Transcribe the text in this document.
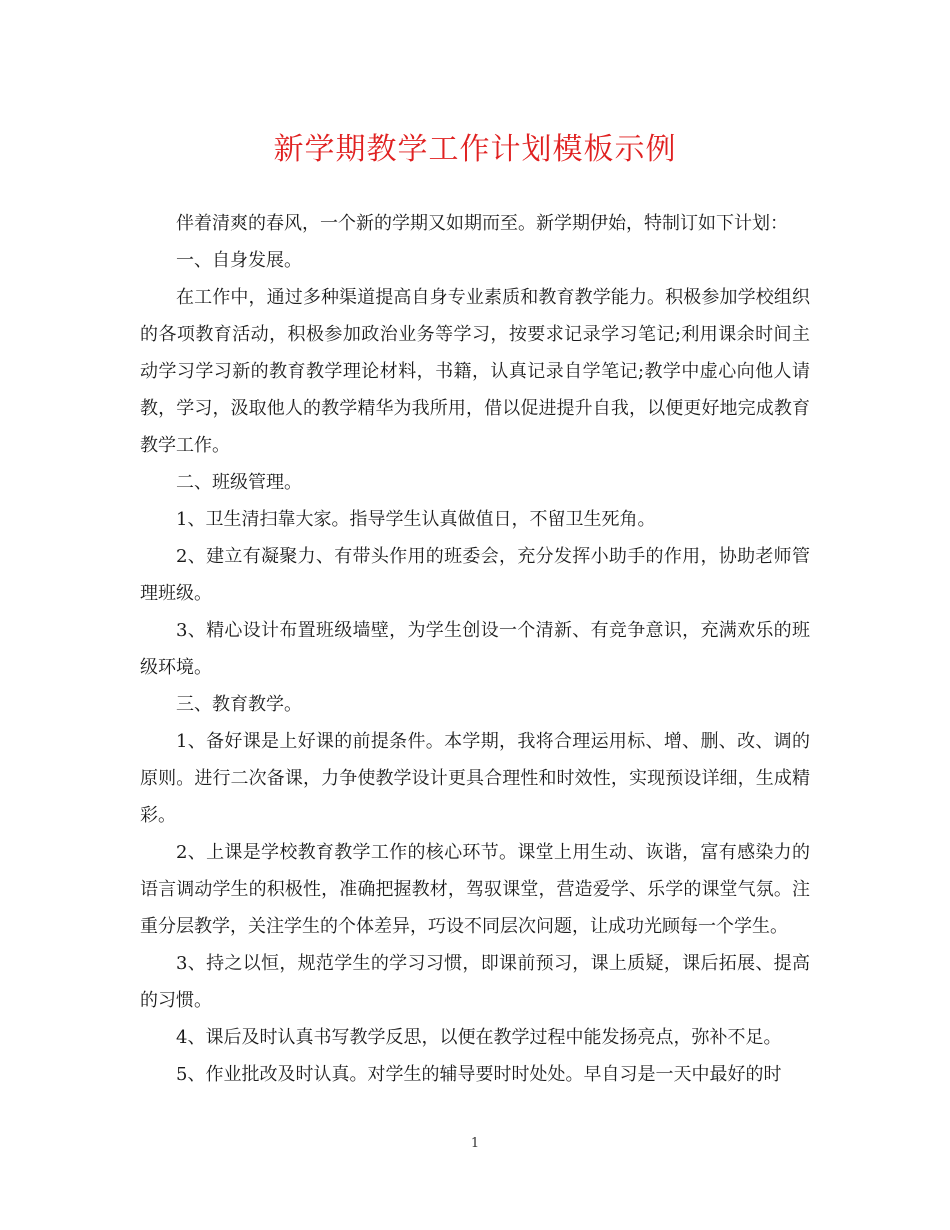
新学期教学工作计划模板示例

伴着清爽的春风，一个新的学期又如期而至。新学期伊始，特制订如下计划：

一、自身发展。

在工作中，通过多种渠道提高自身专业素质和教育教学能力。积极参加学校组织的各项教育活动，积极参加政治业务等学习，按要求记录学习笔记;利用课余时间主动学习学习新的教育教学理论材料，书籍，认真记录自学笔记;教学中虚心向他人请教，学习，汲取他人的教学精华为我所用，借以促进提升自我，以便更好地完成教育教学工作。

二、班级管理。

1、卫生清扫靠大家。指导学生认真做值日，不留卫生死角。

2、建立有凝聚力、有带头作用的班委会，充分发挥小助手的作用，协助老师管理班级。

3、精心设计布置班级墙壁，为学生创设一个清新、有竞争意识，充满欢乐的班级环境。

三、教育教学。

1、备好课是上好课的前提条件。本学期，我将合理运用标、增、删、改、调的原则。进行二次备课，力争使教学设计更具合理性和时效性，实现预设详细，生成精彩。

2、上课是学校教育教学工作的核心环节。课堂上用生动、诙谐，富有感染力的语言调动学生的积极性，准确把握教材，驾驭课堂，营造爱学、乐学的课堂气氛。注重分层教学，关注学生的个体差异，巧设不同层次问题，让成功光顾每一个学生。

3、持之以恒，规范学生的学习习惯，即课前预习，课上质疑，课后拓展、提高的习惯。

4、课后及时认真书写教学反思，以便在教学过程中能发扬亮点，弥补不足。

5、作业批改及时认真。对学生的辅导要时时处处。早自习是一天中最好的时

1
